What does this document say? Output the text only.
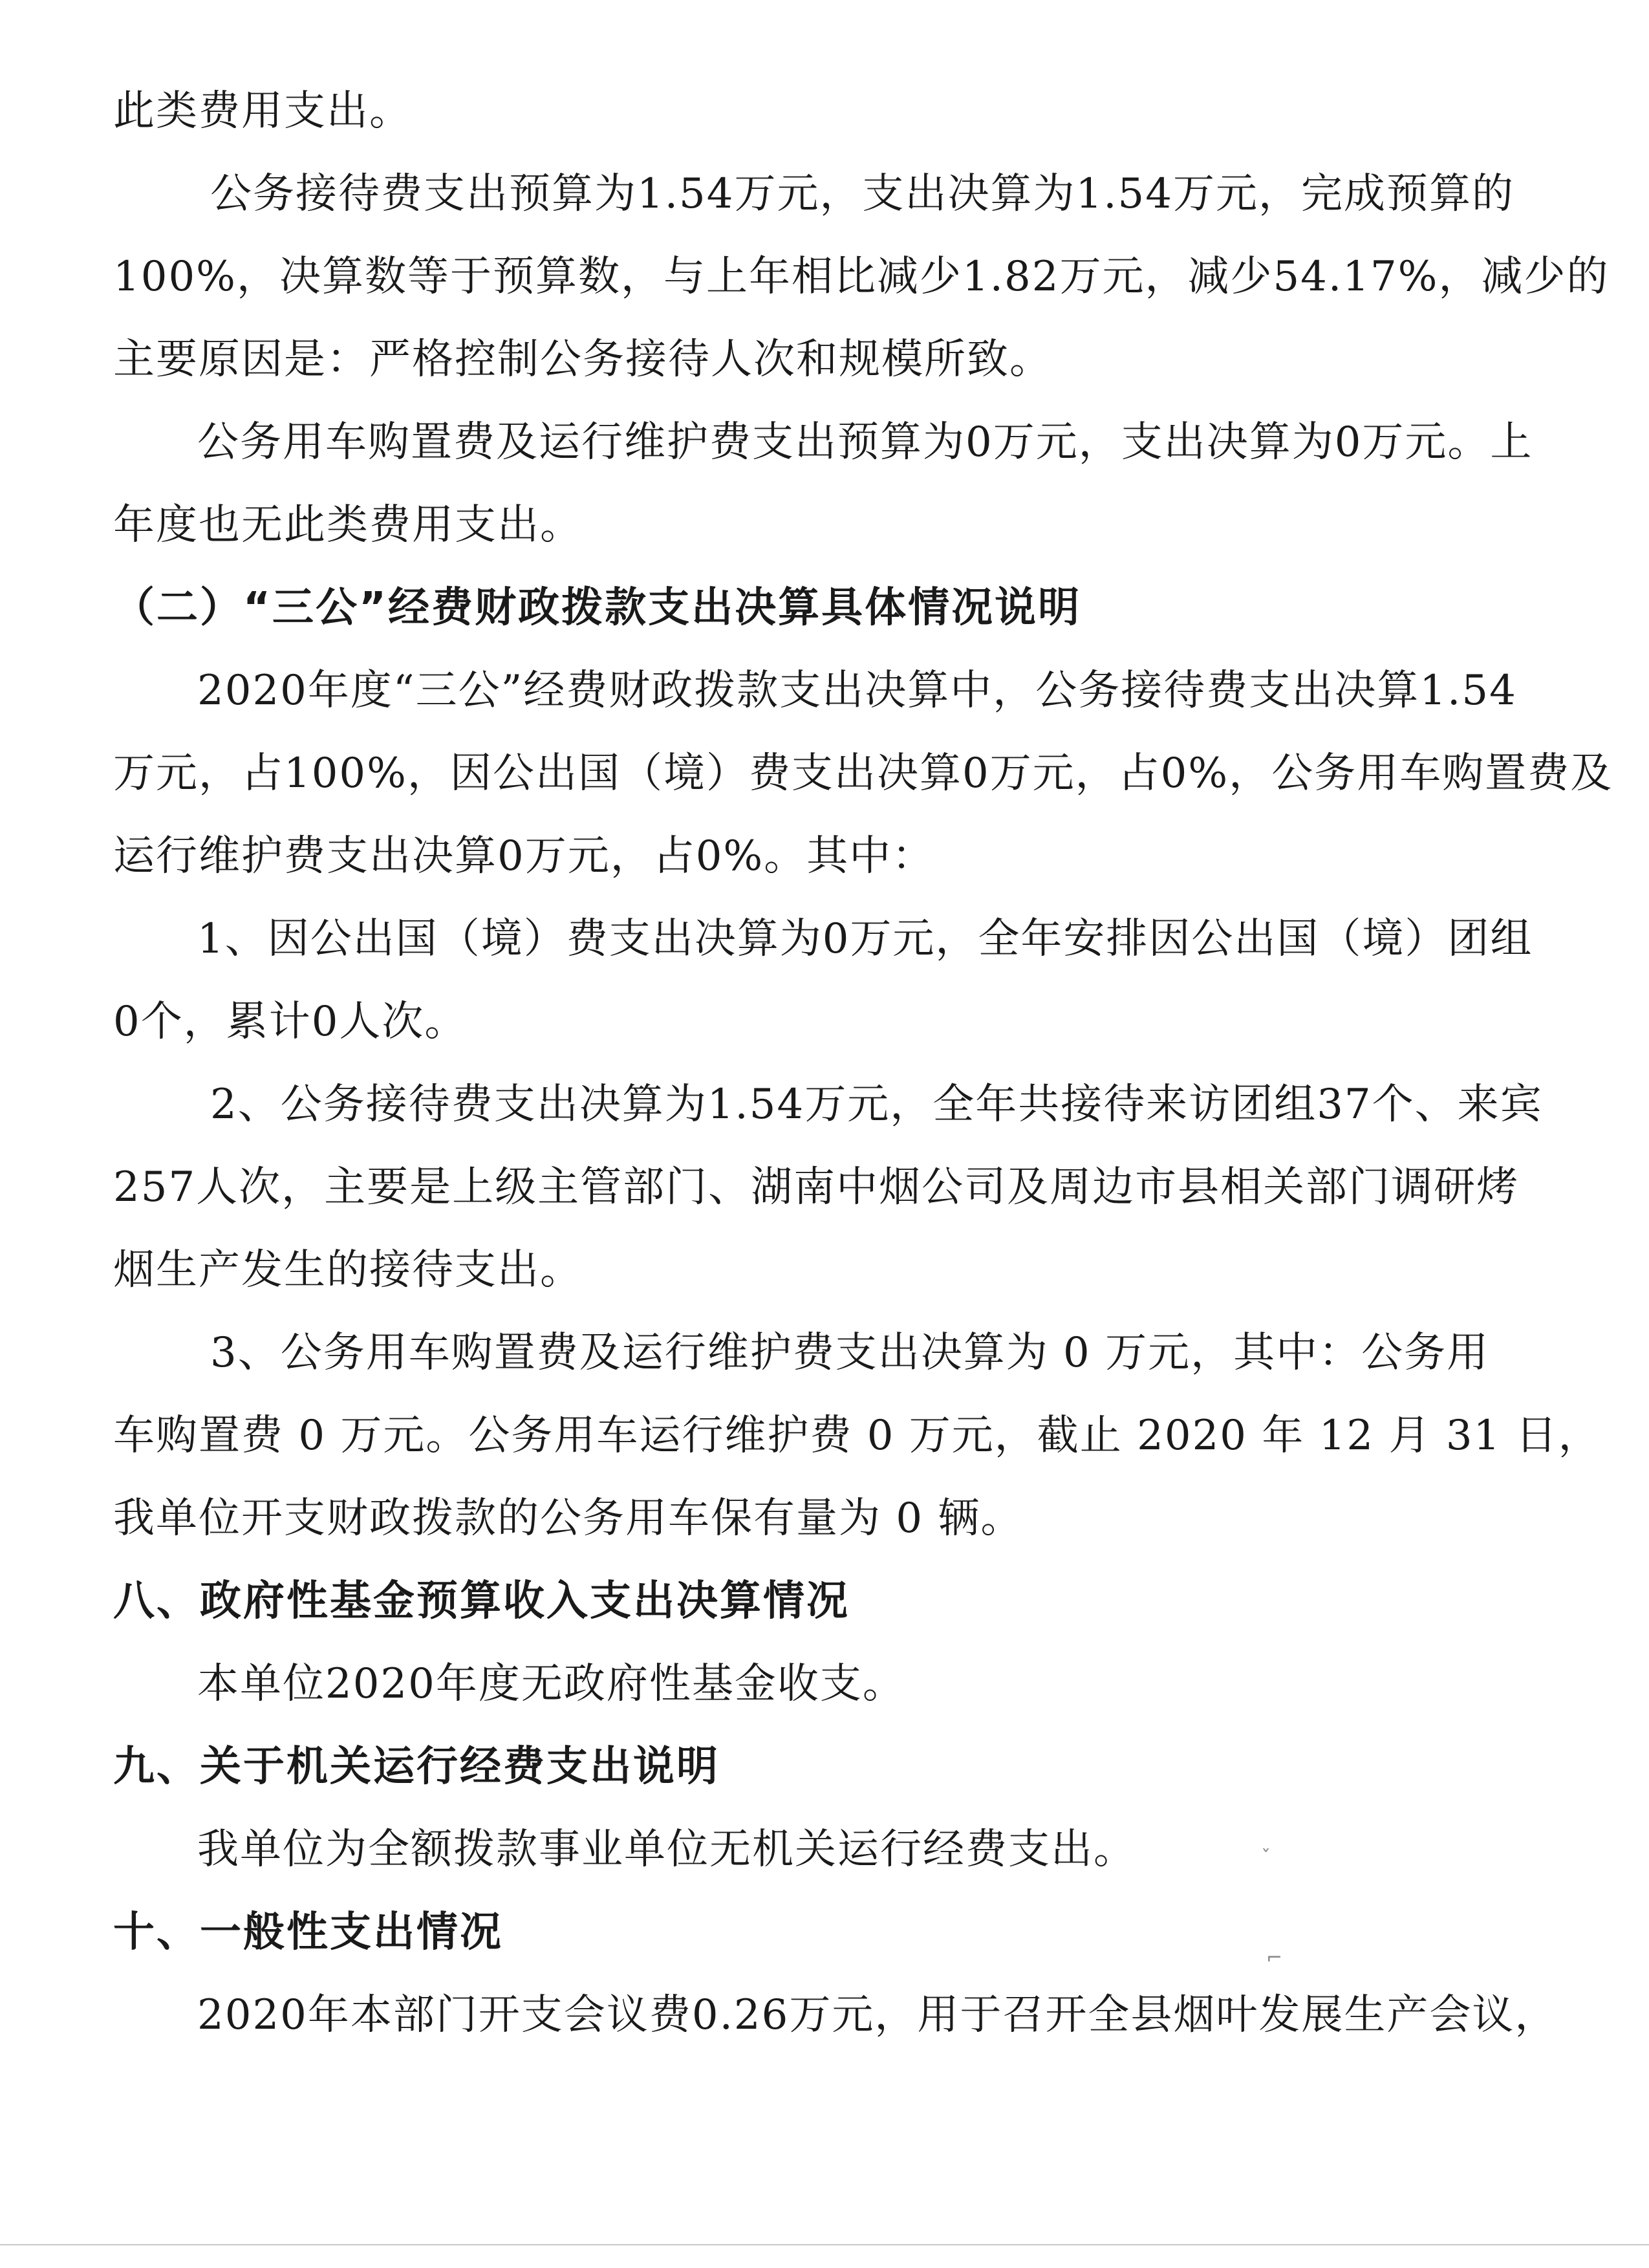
此类费用支出。
公务接待费支出预算为1.54万元，支出决算为1.54万元，完成预算的
100%，决算数等于预算数，与上年相比减少1.82万元，减少54.17%，减少的
主要原因是：严格控制公务接待人次和规模所致。
公务用车购置费及运行维护费支出预算为0万元，支出决算为0万元。上
年度也无此类费用支出。
（二）“三公”经费财政拨款支出决算具体情况说明
2020年度“三公”经费财政拨款支出决算中，公务接待费支出决算1.54
万元，占100%，因公出国（境）费支出决算0万元，占0%，公务用车购置费及
运行维护费支出决算0万元，占0%。其中：
1、因公出国（境）费支出决算为0万元，全年安排因公出国（境）团组
0个，累计0人次。
2、公务接待费支出决算为1.54万元，全年共接待来访团组37个、来宾
257人次，主要是上级主管部门、湖南中烟公司及周边市县相关部门调研烤
烟生产发生的接待支出。
3、公务用车购置费及运行维护费支出决算为 0 万元，其中：公务用
车购置费 0 万元。公务用车运行维护费 0 万元，截止 2020 年 12 月 31 日，
我单位开支财政拨款的公务用车保有量为 0 辆。
八、政府性基金预算收入支出决算情况
本单位2020年度无政府性基金收支。
九、关于机关运行经费支出说明
我单位为全额拨款事业单位无机关运行经费支出。
十、一般性支出情况
2020年本部门开支会议费0.26万元，用于召开全县烟叶发展生产会议，
ˇ
⌐
